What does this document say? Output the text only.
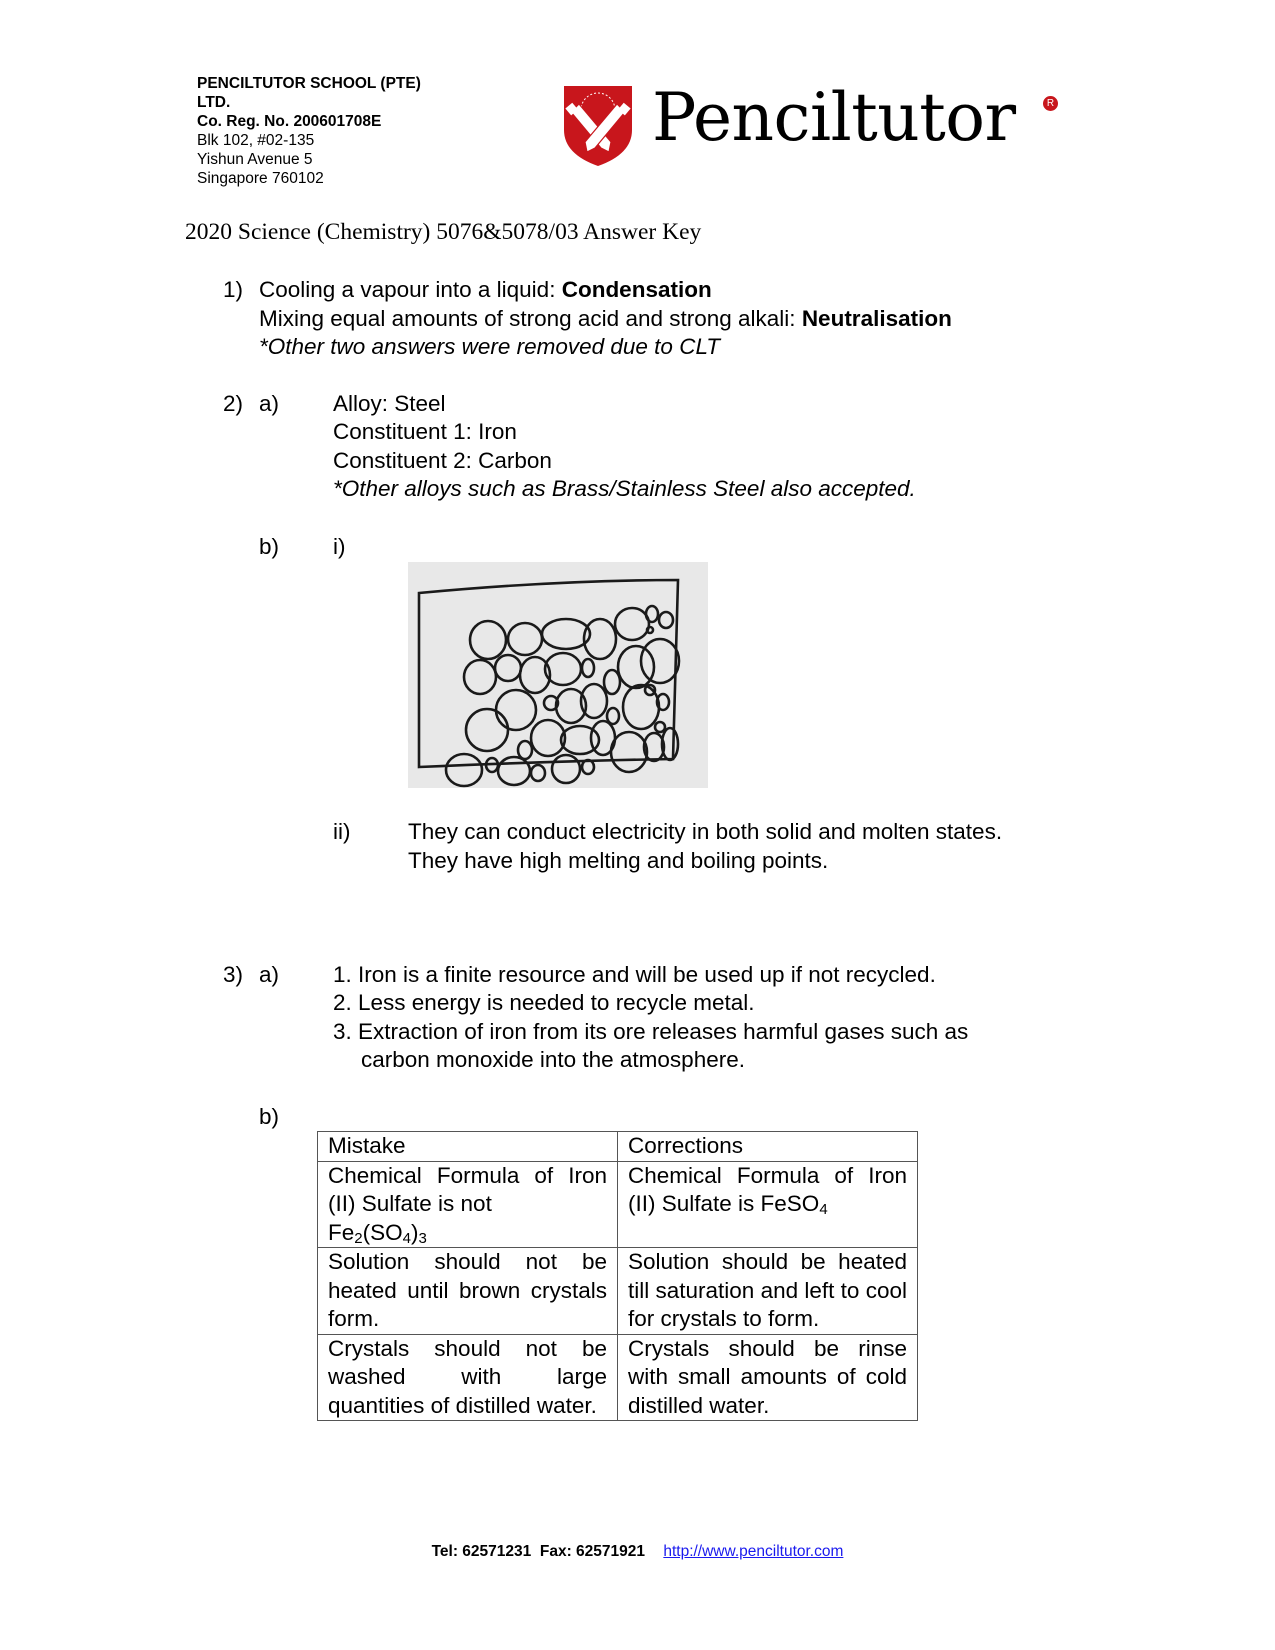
PENCILTUTOR SCHOOL (PTE)
LTD.
Co. Reg. No. 200601708E
Blk 102, #02-135
Yishun Avenue 5
Singapore 760102
Penciltutor	R
2020 Science (Chemistry) 5076&5078/03 Answer Key
1) Cooling a vapour into a liquid: Condensation
Mixing equal amounts of strong acid and strong alkali: Neutralisation
*Other two answers were removed due to CLT
2) a) Alloy: Steel
Constituent 1: Iron
Constituent 2: Carbon
*Other alloys such as Brass/Stainless Steel also accepted.
b) i)
ii)	They can conduct electricity in both solid and molten states.
They have high melting and boiling points.
3) a) 1. Iron is a finite resource and will be used up if not recycled.
2. Less energy is needed to recycle metal.
3. Extraction of iron from its ore releases harmful gases such as
carbon monoxide into the atmosphere.
b)
Mistake	Corrections
Chemical Formula of Iron (II) Sulfate is not
$Fe_2(SO_4)_3$	Chemical Formula of Iron (II) Sulfate is FeSO$_4$
Solution should not be heated until brown crystals form.	Solution should be heated till saturation and left to cool for crystals to form.
Crystals should not be washed with large quantities of distilled water.	Crystals should be rinse with small amounts of cold distilled water.
Tel: 62571231  Fax: 62571921 http://www.penciltutor.com
